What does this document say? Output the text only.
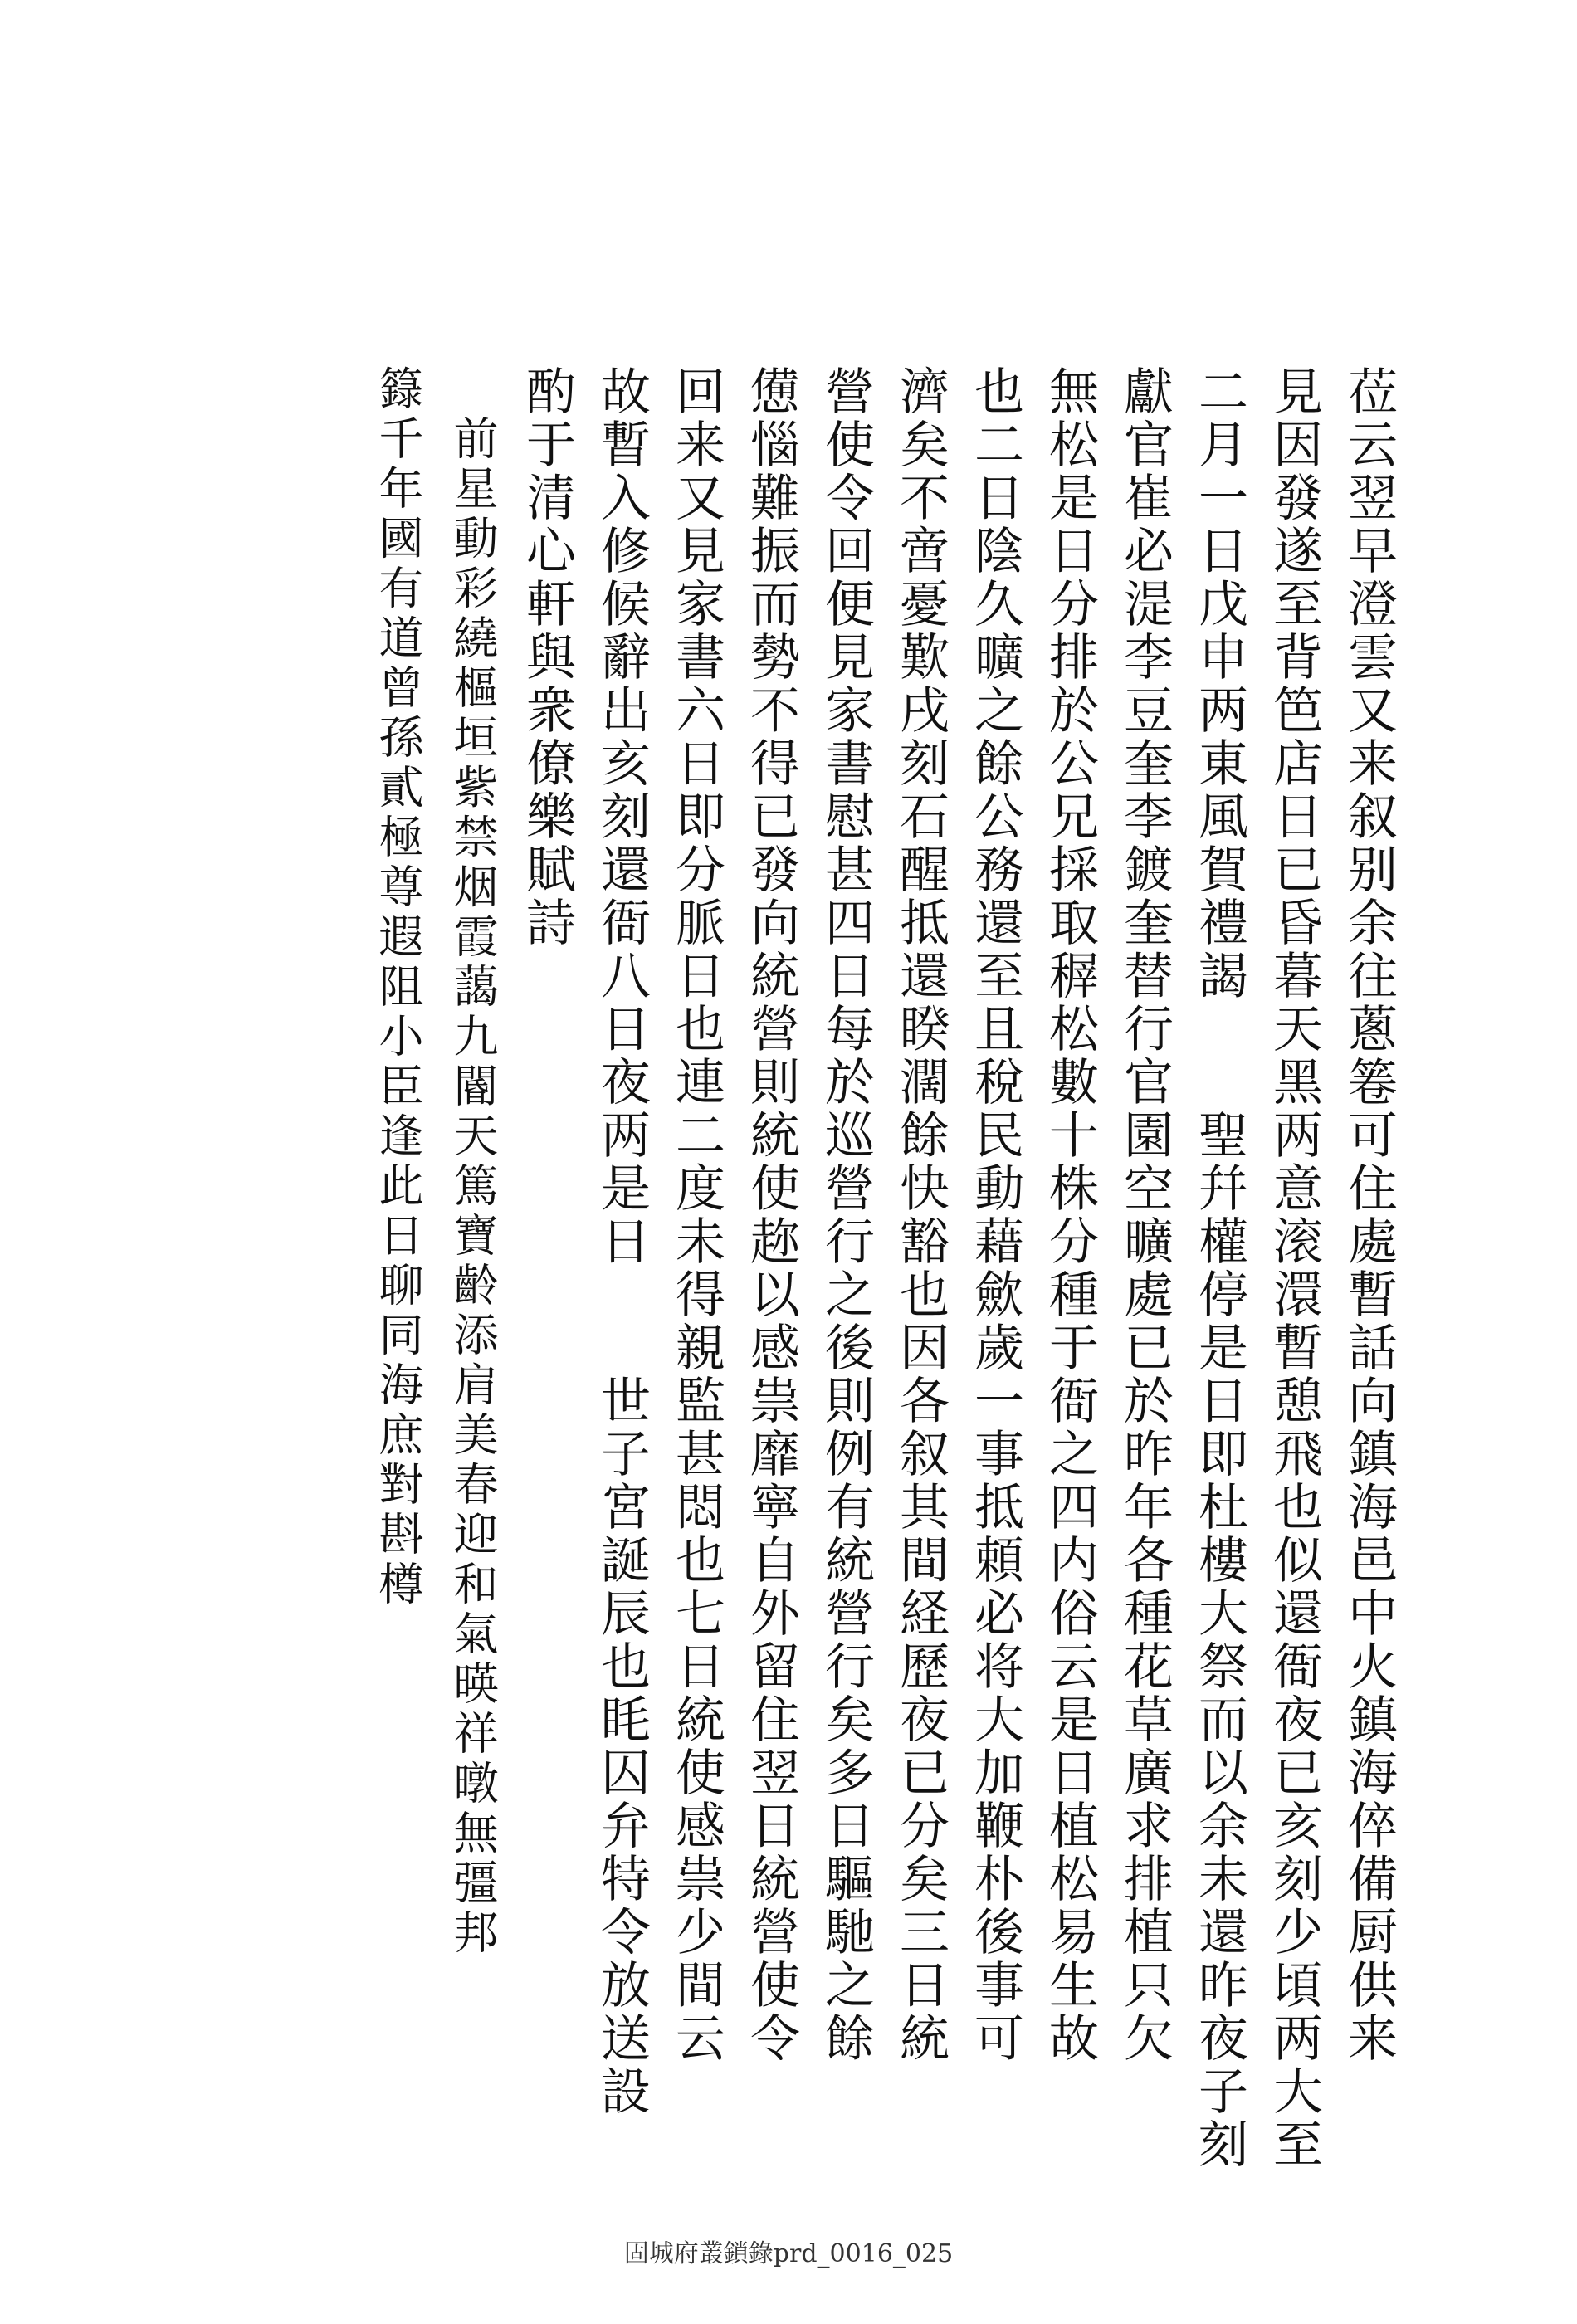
莅云翌早澄雲又来叙别余往蔥箞可住處暫話向鎮海邑中火鎮海倅備厨供来
見因發遂至背笆店日已昏暮天黑两意滚澴暫憩飛也似還衙夜已亥刻少頃两大至
二月一日戊申两東風賀禮謁　　聖幷權停是日即杜樓大祭而以余未還昨夜子刻
獻官崔必湜李豆奎李鍍奎替行官園空曠處已於昨年各種花草廣求排植只欠
無松是日分排於公兄採取稺松數十株分種于衙之四内俗云是日植松易生故
也二日陰久曠之餘公務還至且稅民動藉歛歲一事抵頼必将大加鞭朴後事可
濟矣不啻憂歎戌刻石醒抵還睽濶餘快豁也因各叙其間経歷夜已分矣三日統
營使令回便見家書慰甚四日每於巡營行之後則例有統營行矣多日驅馳之餘
憊惱難振而勢不得已發向統營則統使趂以感祟靡寧自外留住翌日統營使令
回来又見家書六日即分脈日也連二度未得親監甚悶也七日統使感祟少間云
故暫入修候辭出亥刻還衙八日夜两是日　　世子宮誕辰也眊囚弁特令放送設
酌于清心軒與衆僚樂賦詩
　前星動彩繞樞垣紫禁烟霞藹九閽天篤寶齡添肩美春迎和氣暎祥暾無彊邦
籙千年國有道曾孫貳極尊遐阻小臣逢此日聊同海庶對斟樽
固城府叢鎖錄prd_0016_025
